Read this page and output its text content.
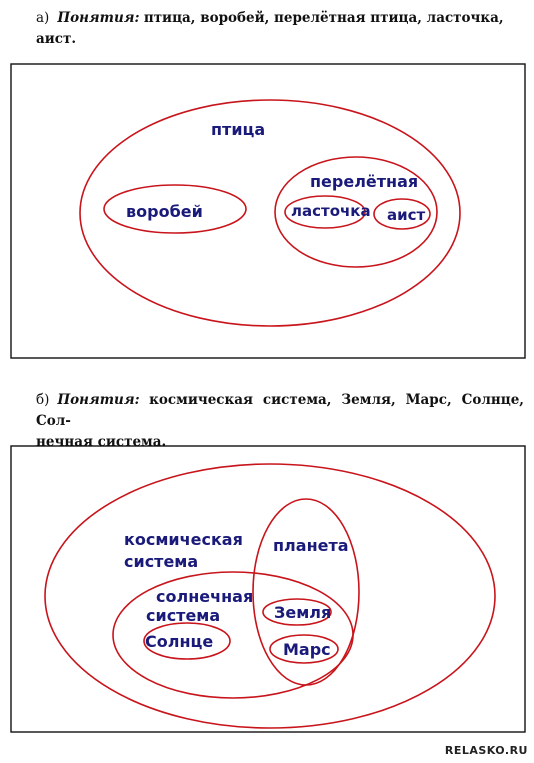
а) Понятия: птица, воробей, перелётная птица, ласточка,
аист.
б) Понятия: космическая система, Земля, Марс, Солнце, Сол-
нечная система.
птица
воробей
перелётная
ласточка аист
космическая
система
планета
солнечная
система	Земля
Солнце	Марс
RELASKO.RU
